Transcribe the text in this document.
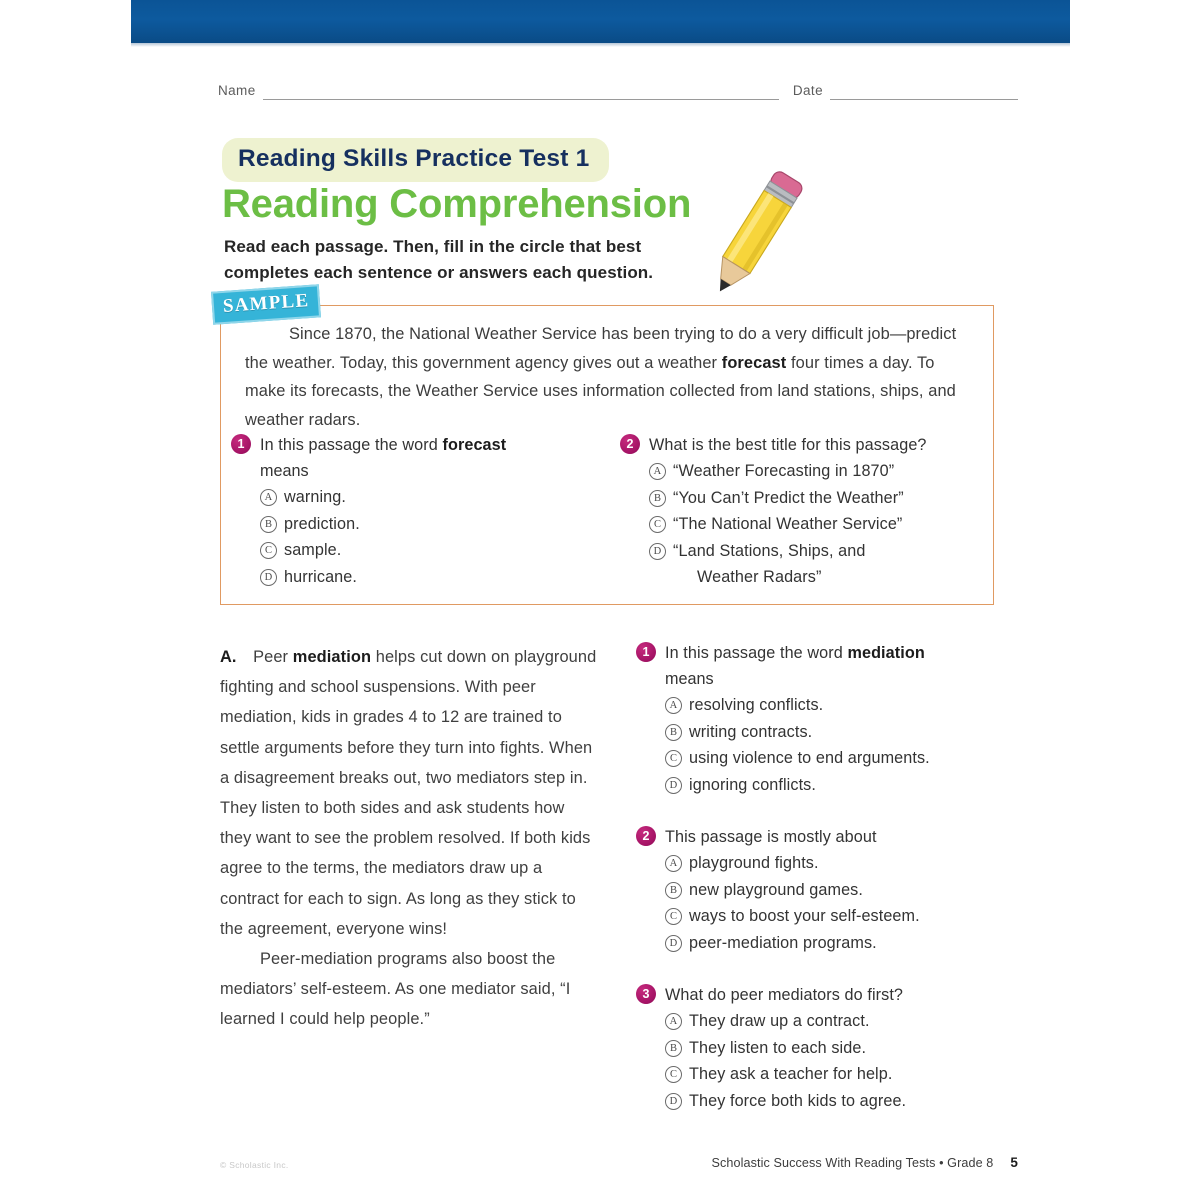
Name	Date
Reading Skills Practice Test 1
Reading Comprehension
Read each passage. Then, fill in the circle that best completes each sentence or answers each question.
SAMPLE
Since 1870, the National Weather Service has been trying to do a very difficult job—predict the weather. Today, this government agency gives out a weather forecast four times a day. To make its forecasts, the Weather Service uses information collected from land stations, ships, and weather radars.
1 In this passage the word forecast
means
A warning.
B prediction.
C sample.
D hurricane.
2 What is the best title for this passage?
A “Weather Forecasting in 1870”
B “You Can’t Predict the Weather”
C “The National Weather Service”
D “Land Stations, Ships, and
Weather Radars”
A. Peer mediation helps cut down on playground fighting and school suspensions. With peer mediation, kids in grades 4 to 12 are trained to settle arguments before they turn into fights. When a disagreement breaks out, two mediators step in. They listen to both sides and ask students how they want to see the problem resolved. If both kids agree to the terms, the mediators draw up a contract for each to sign. As long as they stick to the agreement, everyone wins!
Peer-mediation programs also boost the mediators’ self-esteem. As one mediator said, “I learned I could help people.”
1 In this passage the word mediation
means
A resolving conflicts.
B writing contracts.
C using violence to end arguments.
D ignoring conflicts.
2 This passage is mostly about
A playground fights.
B new playground games.
C ways to boost your self-esteem.
D peer-mediation programs.
3 What do peer mediators do first?
A They draw up a contract.
B They listen to each side.
C They ask a teacher for help.
D They force both kids to agree.
© Scholastic Inc.	Scholastic Success With Reading Tests • Grade 8 5
